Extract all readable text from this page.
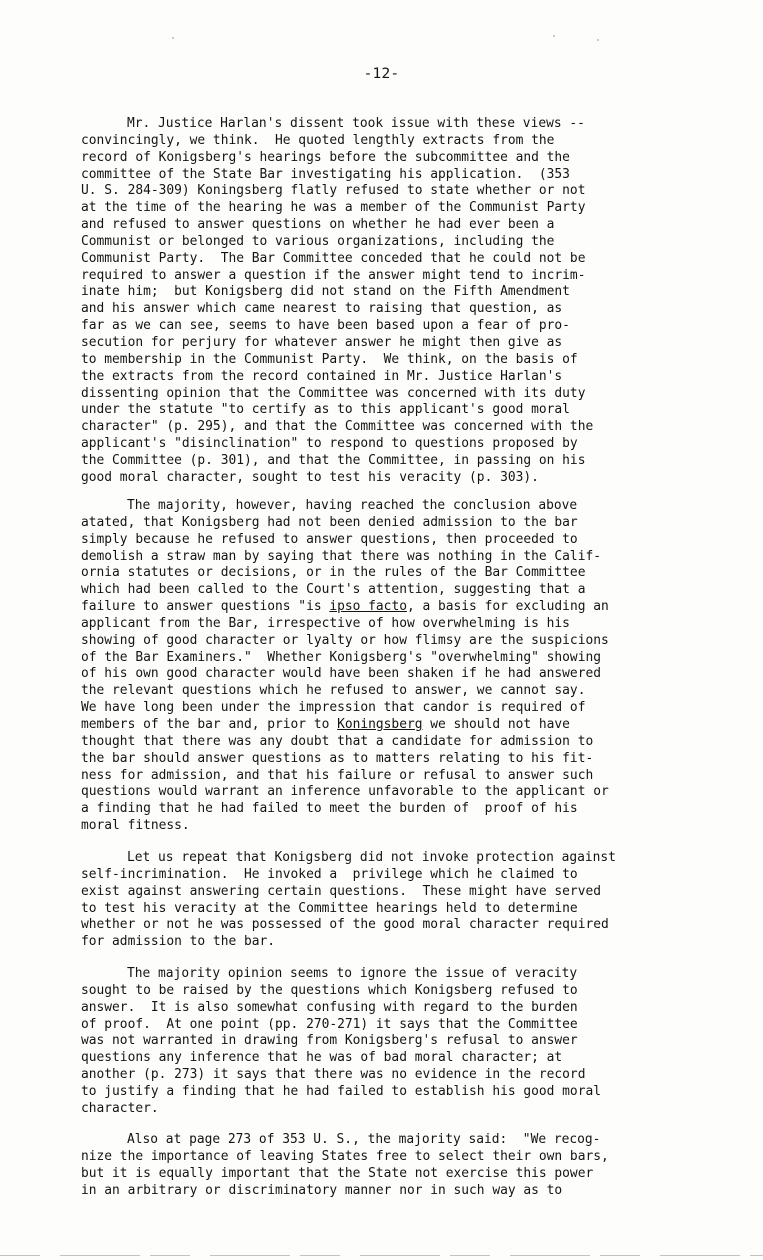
-12-
Mr. Justice Harlan's dissent took issue with these views --
convincingly, we think.  He quoted lengthly extracts from the
record of Konigsberg's hearings before the subcommittee and the
committee of the State Bar investigating his application.  (353
U. S. 284-309) Koningsberg flatly refused to state whether or not
at the time of the hearing he was a member of the Communist Party
and refused to answer questions on whether he had ever been a
Communist or belonged to various organizations, including the
Communist Party.  The Bar Committee conceded that he could not be
required to answer a question if the answer might tend to incrim-
inate him;  but Konigsberg did not stand on the Fifth Amendment
and his answer which came nearest to raising that question, as
far as we can see, seems to have been based upon a fear of pro-
secution for perjury for whatever answer he might then give as
to membership in the Communist Party.  We think, on the basis of
the extracts from the record contained in Mr. Justice Harlan's
dissenting opinion that the Committee was concerned with its duty
under the statute "to certify as to this applicant's good moral
character" (p. 295), and that the Committee was concerned with the
applicant's "disinclination" to respond to questions proposed by
the Committee (p. 301), and that the Committee, in passing on his
good moral character, sought to test his veracity (p. 303).
The majority, however, having reached the conclusion above
atated, that Konigsberg had not been denied admission to the bar
simply because he refused to answer questions, then proceeded to
demolish a straw man by saying that there was nothing in the Calif-
ornia statutes or decisions, or in the rules of the Bar Committee
which had been called to the Court's attention, suggesting that a
failure to answer questions "is ipso facto, a basis for excluding an
applicant from the Bar, irrespective of how overwhelming is his
showing of good character or lyalty or how flimsy are the suspicions
of the Bar Examiners."  Whether Konigsberg's "overwhelming" showing
of his own good character would have been shaken if he had answered
the relevant questions which he refused to answer, we cannot say.
We have long been under the impression that candor is required of
members of the bar and, prior to Koningsberg we should not have
thought that there was any doubt that a candidate for admission to
the bar should answer questions as to matters relating to his fit-
ness for admission, and that his failure or refusal to answer such
questions would warrant an inference unfavorable to the applicant or
a finding that he had failed to meet the burden of  proof of his
moral fitness.
Let us repeat that Konigsberg did not invoke protection against
self-incrimination.  He invoked a  privilege which he claimed to
exist against answering certain questions.  These might have served
to test his veracity at the Committee hearings held to determine
whether or not he was possessed of the good moral character required
for admission to the bar.
The majority opinion seems to ignore the issue of veracity
sought to be raised by the questions which Konigsberg refused to
answer.  It is also somewhat confusing with regard to the burden
of proof.  At one point (pp. 270-271) it says that the Committee
was not warranted in drawing from Konigsberg's refusal to answer
questions any inference that he was of bad moral character; at
another (p. 273) it says that there was no evidence in the record
to justify a finding that he had failed to establish his good moral
character.
Also at page 273 of 353 U. S., the majority said:  "We recog-
nize the importance of leaving States free to select their own bars,
but it is equally important that the State not exercise this power
in an arbitrary or discriminatory manner nor in such way as to
